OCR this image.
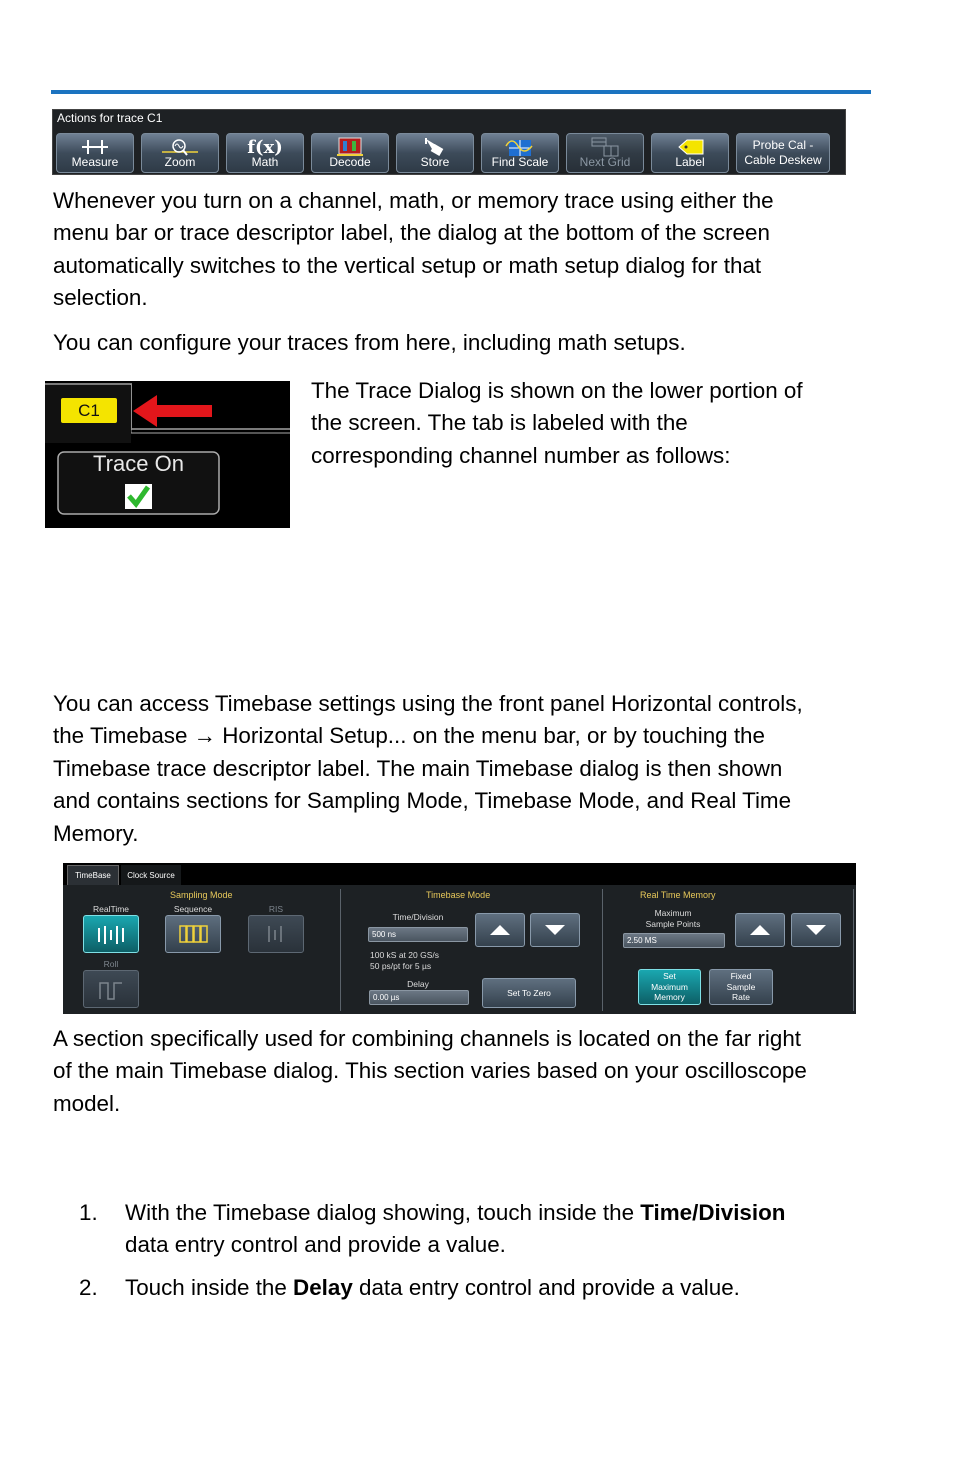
Actions for trace C1
Measure	Zoom
f(x)
Math	Decode	Store	Find Scale	Next Grid	Label
Probe Cal -
Cable Deskew

Whenever you turn on a channel, math, or memory trace using either the
menu bar or trace descriptor label, the dialog at the bottom of the screen
automatically switches to the vertical setup or math setup dialog for that
selection.

You can configure your traces from here, including math setups.

C1
Trace On

The Trace Dialog is shown on the lower portion of
the screen. The tab is labeled with the
corresponding channel number as follows:

You can access Timebase settings using the front panel Horizontal controls,
the Timebase → Horizontal Setup... on the menu bar, or by touching the
Timebase trace descriptor label. The main Timebase dialog is then shown
and contains sections for Sampling Mode, Timebase Mode, and Real Time
Memory.

TimeBase	Clock Source
Sampling Mode
RealTime	Sequence	RIS
Roll
Timebase Mode
Time/Division
500 ns
100 kS at 20 GS/s
50 ps/pt for 5 µs
Delay
0.00 µs	Set To Zero
Real Time Memory
Maximum
Sample Points
2.50 MS
Set
Maximum
Memory
Fixed
Sample
Rate

A section specifically used for combining channels is located on the far right
of the main Timebase dialog. This section varies based on your oscilloscope
model.

1. With the Timebase dialog showing, touch inside the Time/Division
data entry control and provide a value.
2. Touch inside the Delay data entry control and provide a value.
